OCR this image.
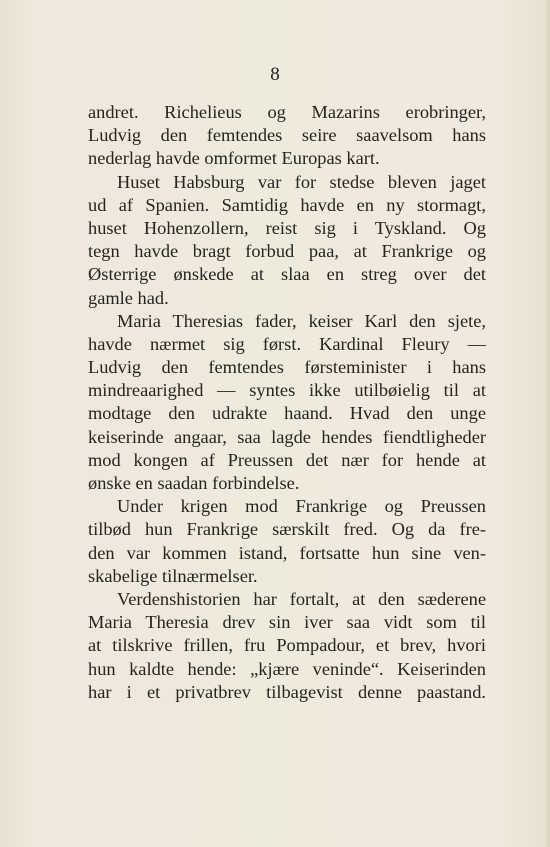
8
andret. Richelieus og Mazarins erobringer,
Ludvig den femtendes seire saavelsom hans
nederlag havde omformet Europas kart.
Huset Habsburg var for stedse bleven jaget
ud af Spanien. Samtidig havde en ny stormagt,
huset Hohenzollern, reist sig i Tyskland. Og
tegn havde bragt forbud paa, at Frankrige og
Østerrige ønskede at slaa en streg over det
gamle had.
Maria Theresias fader, keiser Karl den sjete,
havde nærmet sig først. Kardinal Fleury —
Ludvig den femtendes førsteminister i hans
mindreaarighed — syntes ikke utilbøielig til at
modtage den udrakte haand. Hvad den unge
keiserinde angaar, saa lagde hendes fiendtligheder
mod kongen af Preussen det nær for hende at
ønske en saadan forbindelse.
Under krigen mod Frankrige og Preussen
tilbød hun Frankrige særskilt fred. Og da fre-
den var kommen istand, fortsatte hun sine ven-
skabelige tilnærmelser.
Verdenshistorien har fortalt, at den sæderene
Maria Theresia drev sin iver saa vidt som til
at tilskrive frillen, fru Pompadour, et brev, hvori
hun kaldte hende: „kjære veninde“. Keiserinden
har i et privatbrev tilbagevist denne paastand.
